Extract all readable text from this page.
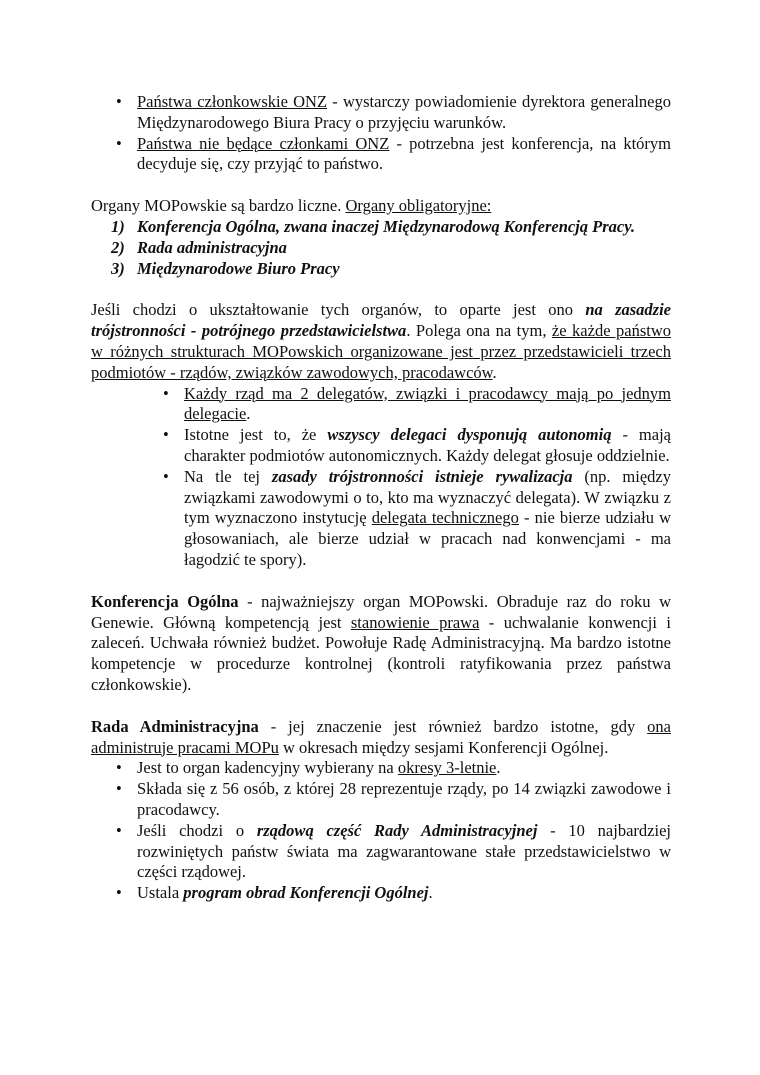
• Państwa członkowskie ONZ - wystarczy powiadomienie dyrektora generalnego Międzynarodowego Biura Pracy o przyjęciu warunków.
• Państwa nie będące członkami ONZ - potrzebna jest konferencja, na którym decyduje się, czy przyjąć to państwo.

Organy MOPowskie są bardzo liczne. Organy obligatoryjne:

1) Konferencja Ogólna, zwana inaczej Międzynarodową Konferencją Pracy.
2) Rada administracyjna
3) Międzynarodowe Biuro Pracy

Jeśli chodzi o ukształtowanie tych organów, to oparte jest ono na zasadzie trójstronności - potrójnego przedstawicielstwa. Polega ona na tym, że każde państwo w różnych strukturach MOPowskich organizowane jest przez przedstawicieli trzech podmiotów - rządów, związków zawodowych, pracodawców.

• Każdy rząd ma 2 delegatów, związki i pracodawcy mają po jednym delegacie.
• Istotne jest to, że wszyscy delegaci dysponują autonomią - mają charakter podmiotów autonomicznych. Każdy delegat głosuje oddzielnie.
• Na tle tej zasady trójstronności istnieje rywalizacja (np. między związkami zawodowymi o to, kto ma wyznaczyć delegata). W związku z tym wyznaczono instytucję delegata technicznego - nie bierze udziału w głosowaniach, ale bierze udział w pracach nad konwencjami - ma łagodzić te spory).

Konferencja Ogólna - najważniejszy organ MOPowski. Obraduje raz do roku w Genewie. Główną kompetencją jest stanowienie prawa - uchwalanie konwencji i zaleceń. Uchwała również budżet. Powołuje Radę Administracyjną. Ma bardzo istotne kompetencje w procedurze kontrolnej (kontroli ratyfikowania przez państwa członkowskie).

Rada Administracyjna - jej znaczenie jest również bardzo istotne, gdy ona administruje pracami MOPu w okresach między sesjami Konferencji Ogólnej.

• Jest to organ kadencyjny wybierany na okresy 3-letnie.
• Składa się z 56 osób, z której 28 reprezentuje rządy, po 14 związki zawodowe i pracodawcy.
• Jeśli chodzi o rządową część Rady Administracyjnej - 10 najbardziej rozwiniętych państw świata ma zagwarantowane stałe przedstawicielstwo w części rządowej.
• Ustala program obrad Konferencji Ogólnej.
